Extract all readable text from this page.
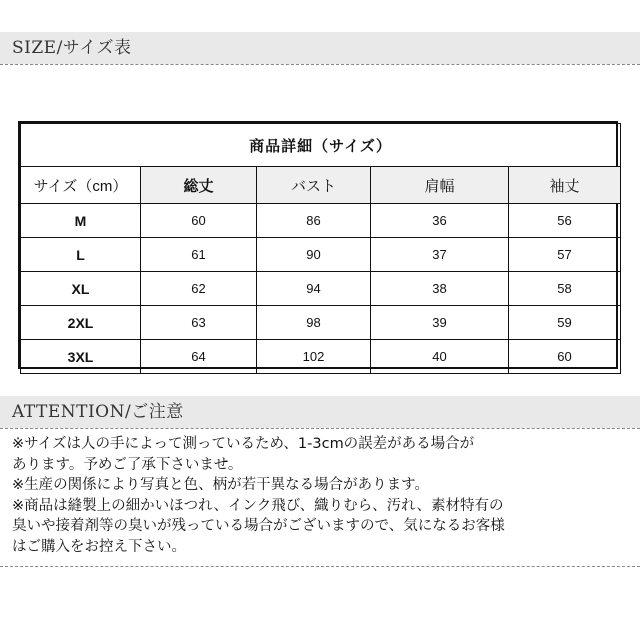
SIZE/サイズ表
商品詳細（サイズ）				
サイズ（cm）	総丈	バスト	肩幅	袖丈
M	60	86	36	56
L	61	90	37	57
XL	62	94	38	58
2XL	63	98	39	59
3XL	64	102	40	60
ATTENTION/ご注意

※サイズは人の手によって測っているため、1-3cmの誤差がある場合が

あります。予めご了承下さいませ。

※生産の関係により写真と色、柄が若干異なる場合があります。

※商品は縫製上の細かいほつれ、インク飛び、織りむら、汚れ、素材特有の

臭いや接着剤等の臭いが残っている場合がございますので、気になるお客様

はご購入をお控え下さい。
